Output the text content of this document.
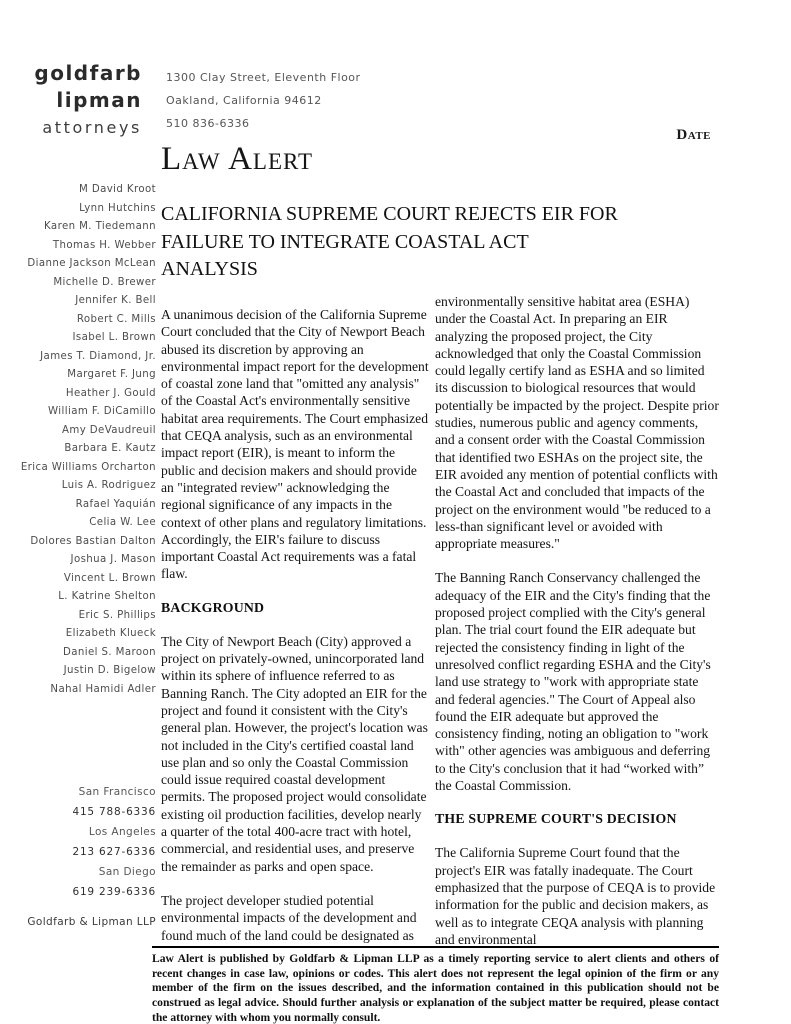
goldfarb
lipman
attorneys
1300 Clay Street, Eleventh Floor
Oakland, California 94612
510 836-6336
Date
Law Alert
CALIFORNIA SUPREME COURT REJECTS EIR FOR
FAILURE TO INTEGRATE COASTAL ACT
ANALYSIS
M David Kroot
Lynn Hutchins
Karen M. Tiedemann
Thomas H. Webber
Dianne Jackson McLean
Michelle D. Brewer
Jennifer K. Bell
Robert C. Mills
Isabel L. Brown
James T. Diamond, Jr.
Margaret F. Jung
Heather J. Gould
William F. DiCamillo
Amy DeVaudreuil
Barbara E. Kautz
Erica Williams Orcharton
Luis A. Rodriguez
Rafael Yaquián
Celia W. Lee
Dolores Bastian Dalton
Joshua J. Mason
Vincent L. Brown
L. Katrine Shelton
Eric S. Phillips
Elizabeth Klueck
Daniel S. Maroon
Justin D. Bigelow
Nahal Hamidi Adler
San Francisco
415 788-6336
Los Angeles
213 627-6336
San Diego
619 239-6336
Goldfarb & Lipman LLP

A unanimous decision of the California Supreme Court concluded that the City of Newport Beach abused its discretion by approving an environmental impact report for the development of coastal zone land that "omitted any analysis" of the Coastal Act's environmentally sensitive habitat area requirements. The Court emphasized that CEQA analysis, such as an environmental impact report (EIR), is meant to inform the public and decision makers and should provide an "integrated review" acknowledging the regional significance of any impacts in the context of other plans and regulatory limitations. Accordingly, the EIR's failure to discuss important Coastal Act requirements was a fatal flaw.

BACKGROUND

The City of Newport Beach (City) approved a project on privately-owned, unincorporated land within its sphere of influence referred to as Banning Ranch. The City adopted an EIR for the project and found it consistent with the City's general plan. However, the project's location was not included in the City's certified coastal land use plan and so only the Coastal Commission could issue required coastal development permits. The proposed project would consolidate existing oil production facilities, develop nearly a quarter of the total 400-acre tract with hotel, commercial, and residential uses, and preserve the remainder as parks and open space.

The project developer studied potential environmental impacts of the development and found much of the land could be designated as

environmentally sensitive habitat area (ESHA) under the Coastal Act. In preparing an EIR analyzing the proposed project, the City acknowledged that only the Coastal Commission could legally certify land as ESHA and so limited its discussion to biological resources that would potentially be impacted by the project. Despite prior studies, numerous public and agency comments, and a consent order with the Coastal Commission that identified two ESHAs on the project site, the EIR avoided any mention of potential conflicts with the Coastal Act and concluded that impacts of the project on the environment would "be reduced to a less-than significant level or avoided with appropriate measures."

The Banning Ranch Conservancy challenged the adequacy of the EIR and the City's finding that the proposed project complied with the City's general plan. The trial court found the EIR adequate but rejected the consistency finding in light of the unresolved conflict regarding ESHA and the City's land use strategy to "work with appropriate state and federal agencies." The Court of Appeal also found the EIR adequate but approved the consistency finding, noting an obligation to "work with" other agencies was ambiguous and deferring to the City's conclusion that it had “worked with” the Coastal Commission.

THE SUPREME COURT'S DECISION

The California Supreme Court found that the project's EIR was fatally inadequate. The Court emphasized that the purpose of CEQA is to provide information for the public and decision makers, as well as to integrate CEQA analysis with planning and environmental

Law Alert is published by Goldfarb & Lipman LLP as a timely reporting service to alert clients and others of recent changes in case law, opinions or codes. This alert does not represent the legal opinion of the firm or any member of the firm on the issues described, and the information contained in this publication should not be construed as legal advice. Should further analysis or explanation of the subject matter be required, please contact the attorney with whom you normally consult.
